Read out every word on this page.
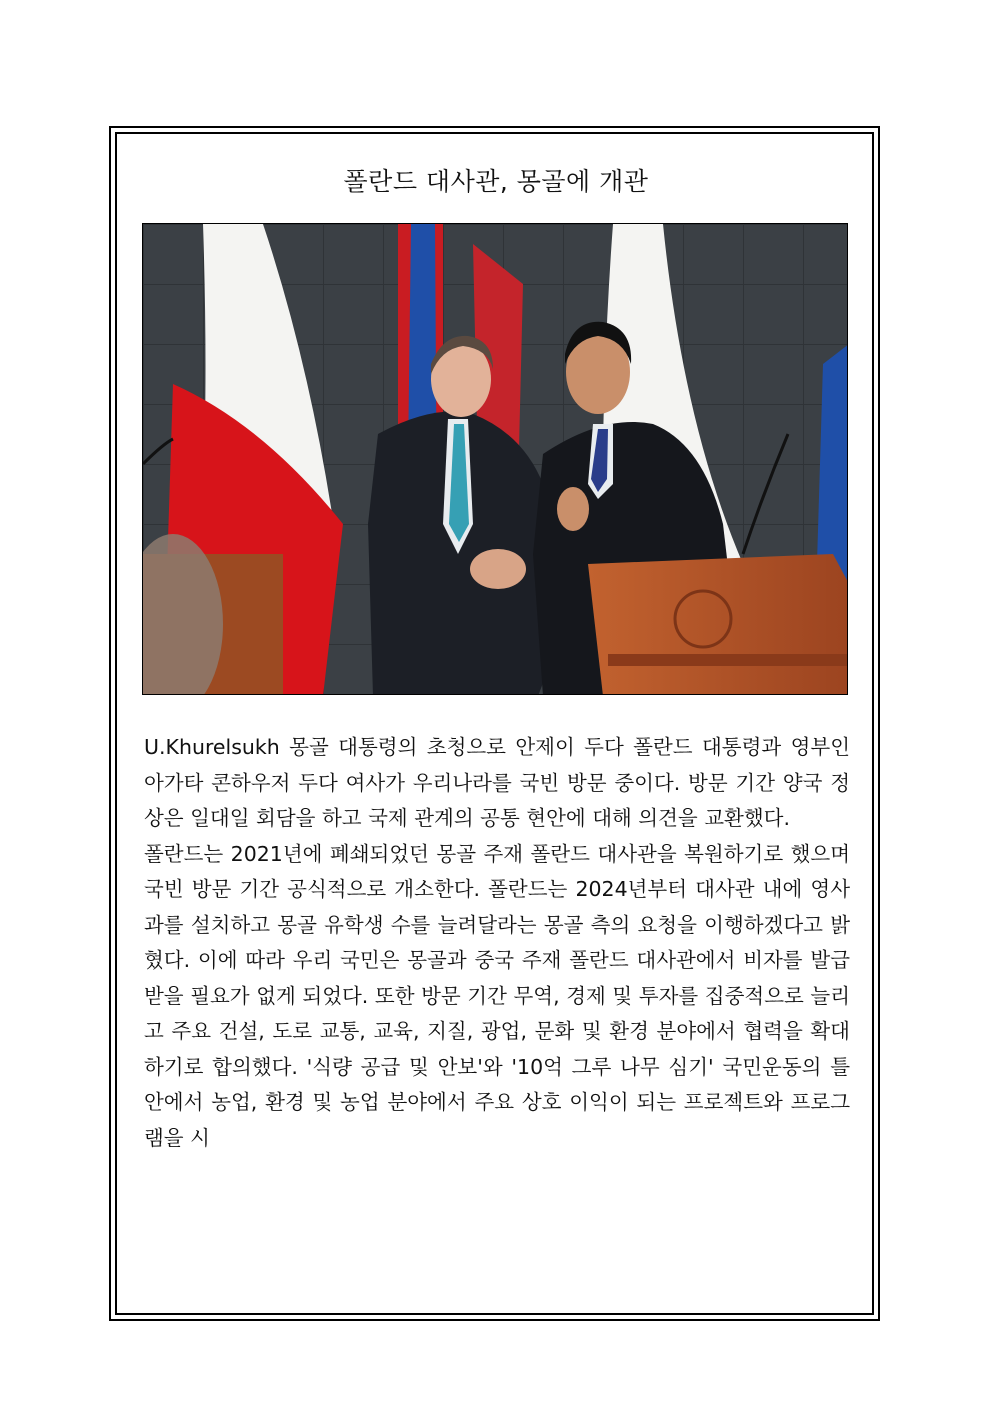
폴란드 대사관, 몽골에 개관

U.Khurelsukh 몽골 대통령의 초청으로 안제이 두다 폴란드 대통령과 영부인 아가타 콘하우저 두다 여사가 우리나라를 국빈 방문 중이다. 방문 기간 양국 정상은 일대일 회담을 하고 국제 관계의 공통 현안에 대해 의견을 교환했다.

폴란드는 2021년에 폐쇄되었던 몽골 주재 폴란드 대사관을 복원하기로 했으며 국빈 방문 기간 공식적으로 개소한다. 폴란드는 2024년부터 대사관 내에 영사과를 설치하고 몽골 유학생 수를 늘려달라는 몽골 측의 요청을 이행하겠다고 밝혔다. 이에 따라 우리 국민은 몽골과 중국 주재 폴란드 대사관에서 비자를 발급받을 필요가 없게 되었다. 또한 방문 기간 무역, 경제 및 투자를 집중적으로 늘리고 주요 건설, 도로 교통, 교육, 지질, 광업, 문화 및 환경 분야에서 협력을 확대하기로 합의했다. '식량 공급 및 안보'와 '10억 그루 나무 심기' 국민운동의 틀 안에서 농업, 환경 및 농업 분야에서 주요 상호 이익이 되는 프로젝트와 프로그램을 시
